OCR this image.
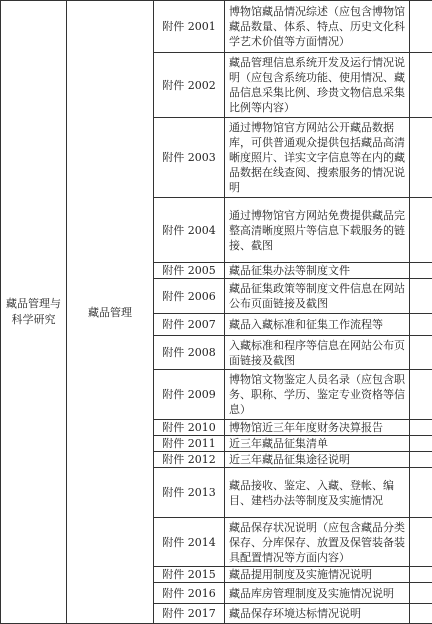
藏品管理与科学研究	藏品管理	附件 2001	博物馆藏品情况综述（应包含博物馆藏品数量、体系、特点、历史文化科学艺术价值等方面情况）	
		附件 2002	藏品管理信息系统开发及运行情况说明（应包含系统功能、使用情况、藏品信息采集比例、珍贵文物信息采集比例等内容）	
		附件 2003	通过博物馆官方网站公开藏品数据库，可供普通观众提供包括藏品高清晰度照片、详实文字信息等在内的藏品数据在线查阅、搜索服务的情况说明	
		附件 2004	通过博物馆官方网站免费提供藏品完整高清晰度照片等信息下载服务的链接、截图	
		附件 2005	藏品征集办法等制度文件	
		附件 2006	藏品征集政策等制度文件信息在网站公布页面链接及截图	
		附件 2007	藏品入藏标准和征集工作流程等	
		附件 2008	入藏标准和程序等信息在网站公布页面链接及截图	
		附件 2009	博物馆文物鉴定人员名录（应包含职务、职称、学历、鉴定专业资格等信息）	
		附件 2010	博物馆近三年年度财务决算报告	
		附件 2011	近三年藏品征集清单	
		附件 2012	近三年藏品征集途径说明	
		附件 2013	藏品接收、鉴定、入藏、登帐、编目、建档办法等制度及实施情况	
		附件 2014	藏品保存状况说明（应包含藏品分类保存、分库保存、放置及保管装备装具配置情况等方面内容）	
		附件 2015	藏品提用制度及实施情况说明	
		附件 2016	藏品库房管理制度及实施情况说明	
		附件 2017	藏品保存环境达标情况说明	
